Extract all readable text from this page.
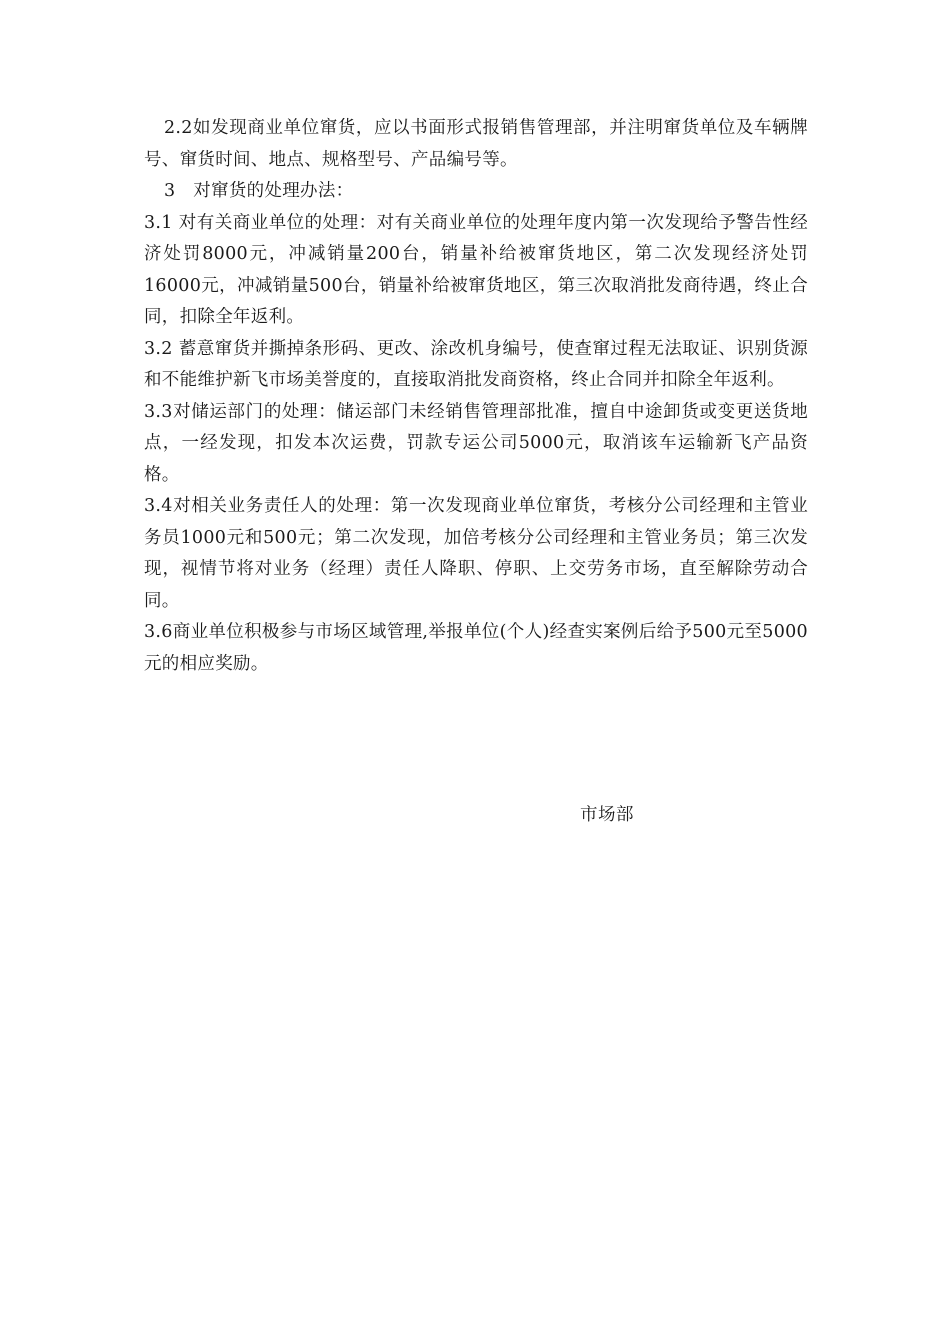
2.2如发现商业单位窜货，应以书面形式报销售管理部，并注明窜货单位及车辆牌号、窜货时间、地点、规格型号、产品编号等。

3　对窜货的处理办法：

3.1 对有关商业单位的处理：对有关商业单位的处理年度内第一次发现给予警告性经济处罚8000元，冲减销量200台，销量补给被窜货地区，第二次发现经济处罚16000元，冲减销量500台，销量补给被窜货地区，第三次取消批发商待遇，终止合同，扣除全年返利。

3.2 蓄意窜货并撕掉条形码、更改、涂改机身编号，使查窜过程无法取证、识别货源和不能维护新飞市场美誉度的，直接取消批发商资格，终止合同并扣除全年返利。

3.3对储运部门的处理：储运部门未经销售管理部批准，擅自中途卸货或变更送货地点，一经发现，扣发本次运费，罚款专运公司5000元，取消该车运输新飞产品资格。

3.4对相关业务责任人的处理：第一次发现商业单位窜货，考核分公司经理和主管业务员1000元和500元；第二次发现，加倍考核分公司经理和主管业务员；第三次发现，视情节将对业务（经理）责任人降职、停职、上交劳务市场，直至解除劳动合同。

3.6商业单位积极参与市场区域管理,举报单位(个人)经查实案例后给予500元至5000元的相应奖励。

市场部
